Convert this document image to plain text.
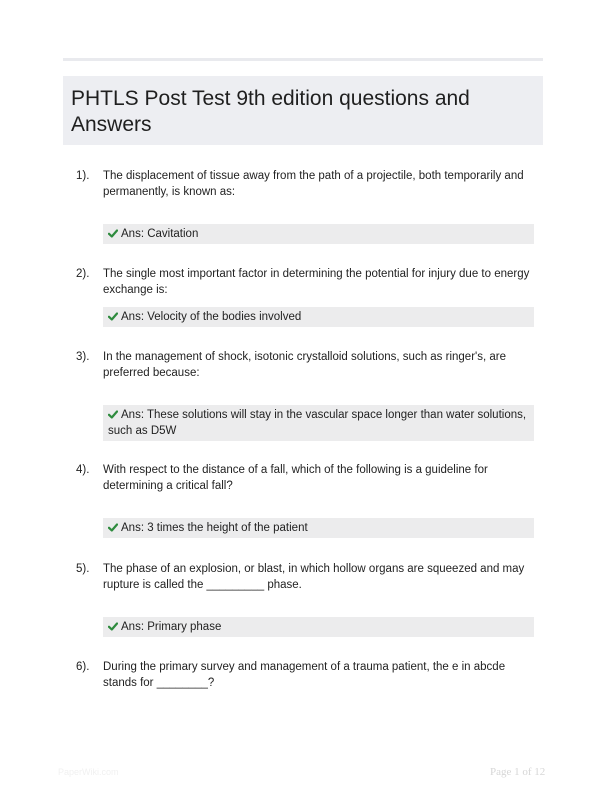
PHTLS Post Test 9th edition questions and Answers
1). The displacement of tissue away from the path of a projectile, both temporarily and permanently, is known as:
Ans: Cavitation
2). The single most important factor in determining the potential for injury due to energy exchange is:
Ans: Velocity of the bodies involved
3). In the management of shock, isotonic crystalloid solutions, such as ringer's, are preferred because:
Ans: These solutions will stay in the vascular space longer than water solutions, such as D5W
4). With respect to the distance of a fall, which of the following is a guideline for determining a critical fall?
Ans: 3 times the height of the patient
5). The phase of an explosion, or blast, in which hollow organs are squeezed and may rupture is called the _________ phase.
Ans: Primary phase
6). During the primary survey and management of a trauma patient, the e in abcde stands for ________?
PaperWiki.com	Page 1 of 12
